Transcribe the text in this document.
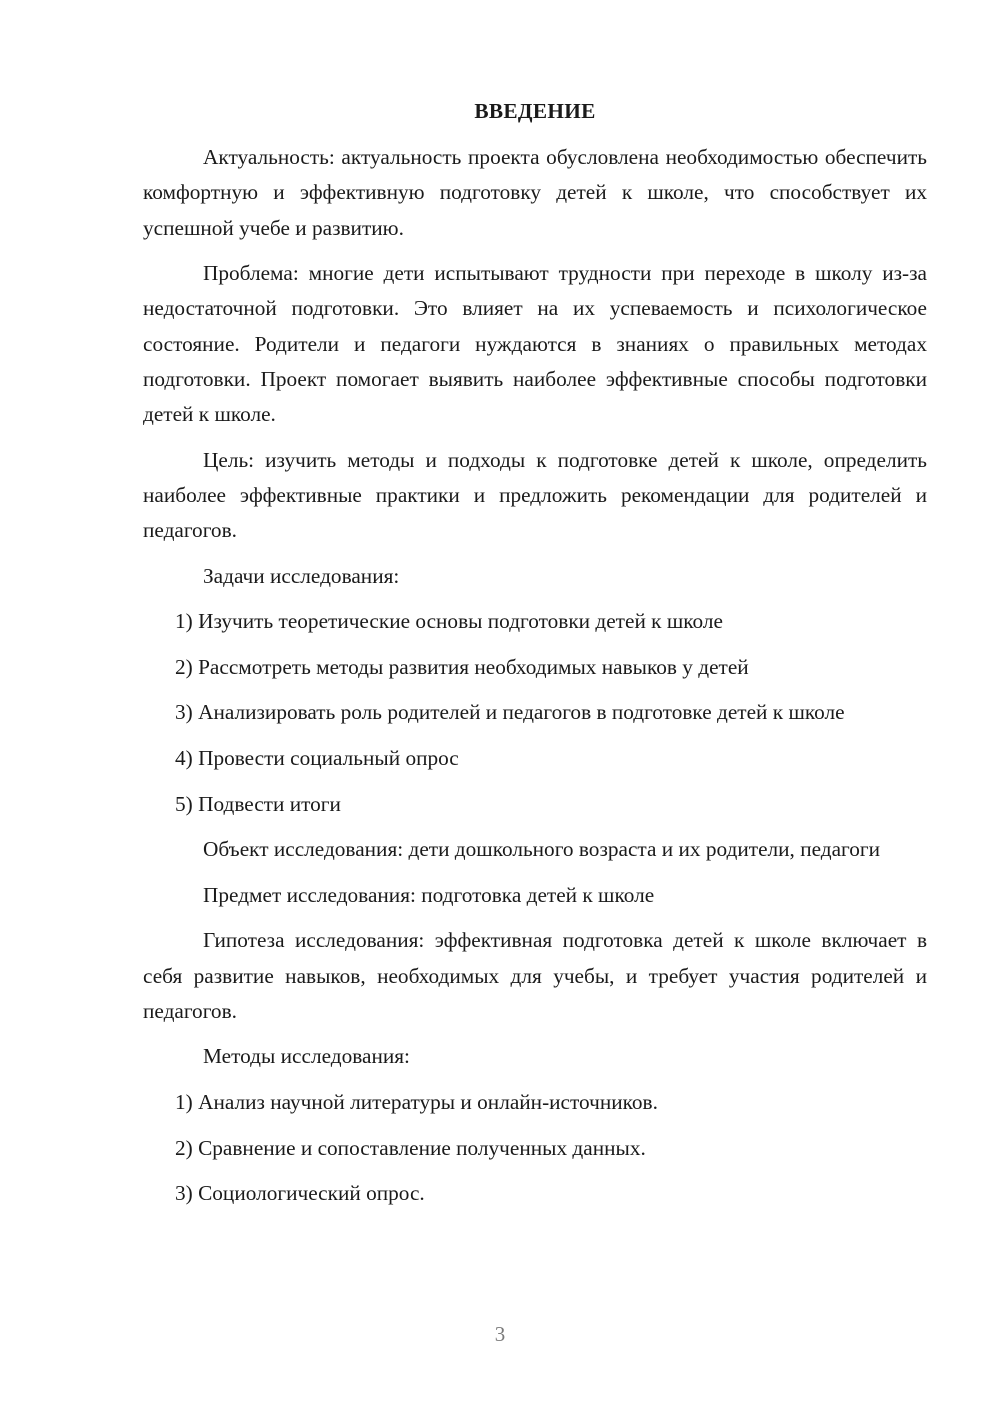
ВВЕДЕНИЕ

Актуальность: актуальность проекта обусловлена необходимостью обеспечить комфортную и эффективную подготовку детей к школе, что способствует их успешной учебе и развитию.

Проблема: многие дети испытывают трудности при переходе в школу из-за недостаточной подготовки. Это влияет на их успеваемость и психологическое состояние. Родители и педагоги нуждаются в знаниях о правильных методах подготовки. Проект помогает выявить наиболее эффективные способы подготовки детей к школе.

Цель: изучить методы и подходы к подготовке детей к школе, определить наиболее эффективные практики и предложить рекомендации для родителей и педагогов.

Задачи исследования:

1) Изучить теоретические основы подготовки детей к школе

2) Рассмотреть методы развития необходимых навыков у детей

3) Анализировать роль родителей и педагогов в подготовке детей к школе

4) Провести социальный опрос

5) Подвести итоги

Объект исследования: дети дошкольного возраста и их родители, педагоги

Предмет исследования: подготовка детей к школе

Гипотеза исследования: эффективная подготовка детей к школе включает в себя развитие навыков, необходимых для учебы, и требует участия родителей и педагогов.

Методы исследования:

1) Анализ научной литературы и онлайн-источников.

2) Сравнение и сопоставление полученных данных.

3) Социологический опрос.

3
